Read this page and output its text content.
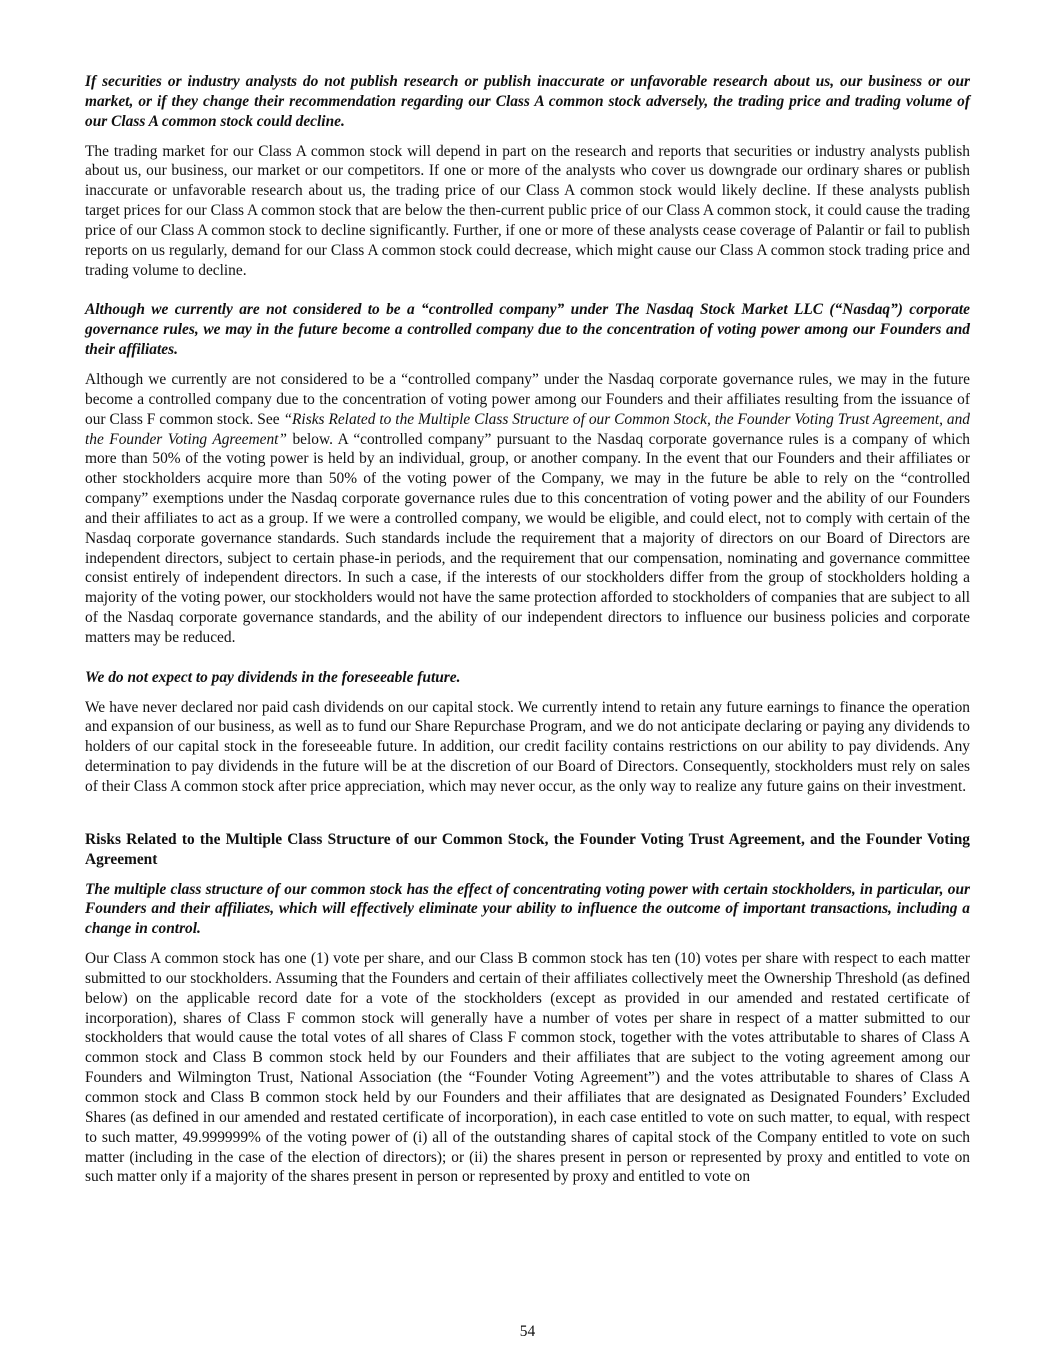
If securities or industry analysts do not publish research or publish inaccurate or unfavorable research about us, our business or our market, or if they change their recommendation regarding our Class A common stock adversely, the trading price and trading volume of our Class A common stock could decline.

The trading market for our Class A common stock will depend in part on the research and reports that securities or industry analysts publish about us, our business, our market or our competitors. If one or more of the analysts who cover us downgrade our ordinary shares or publish inaccurate or unfavorable research about us, the trading price of our Class A common stock would likely decline. If these analysts publish target prices for our Class A common stock that are below the then-current public price of our Class A common stock, it could cause the trading price of our Class A common stock to decline significantly. Further, if one or more of these analysts cease coverage of Palantir or fail to publish reports on us regularly, demand for our Class A common stock could decrease, which might cause our Class A common stock trading price and trading volume to decline.

Although we currently are not considered to be a “controlled company” under The Nasdaq Stock Market LLC (“Nasdaq”) corporate governance rules, we may in the future become a controlled company due to the concentration of voting power among our Founders and their affiliates.

Although we currently are not considered to be a “controlled company” under the Nasdaq corporate governance rules, we may in the future become a controlled company due to the concentration of voting power among our Founders and their affiliates resulting from the issuance of our Class F common stock. See “Risks Related to the Multiple Class Structure of our Common Stock, the Founder Voting Trust Agreement, and the Founder Voting Agreement” below. A “controlled company” pursuant to the Nasdaq corporate governance rules is a company of which more than 50% of the voting power is held by an individual, group, or another company. In the event that our Founders and their affiliates or other stockholders acquire more than 50% of the voting power of the Company, we may in the future be able to rely on the “controlled company” exemptions under the Nasdaq corporate governance rules due to this concentration of voting power and the ability of our Founders and their affiliates to act as a group. If we were a controlled company, we would be eligible, and could elect, not to comply with certain of the Nasdaq corporate governance standards. Such standards include the requirement that a majority of directors on our Board of Directors are independent directors, subject to certain phase-in periods, and the requirement that our compensation, nominating and governance committee consist entirely of independent directors. In such a case, if the interests of our stockholders differ from the group of stockholders holding a majority of the voting power, our stockholders would not have the same protection afforded to stockholders of companies that are subject to all of the Nasdaq corporate governance standards, and the ability of our independent directors to influence our business policies and corporate matters may be reduced.

We do not expect to pay dividends in the foreseeable future.

We have never declared nor paid cash dividends on our capital stock. We currently intend to retain any future earnings to finance the operation and expansion of our business, as well as to fund our Share Repurchase Program, and we do not anticipate declaring or paying any dividends to holders of our capital stock in the foreseeable future. In addition, our credit facility contains restrictions on our ability to pay dividends. Any determination to pay dividends in the future will be at the discretion of our Board of Directors. Consequently, stockholders must rely on sales of their Class A common stock after price appreciation, which may never occur, as the only way to realize any future gains on their investment.

Risks Related to the Multiple Class Structure of our Common Stock, the Founder Voting Trust Agreement, and the Founder Voting Agreement

The multiple class structure of our common stock has the effect of concentrating voting power with certain stockholders, in particular, our Founders and their affiliates, which will effectively eliminate your ability to influence the outcome of important transactions, including a change in control.

Our Class A common stock has one (1) vote per share, and our Class B common stock has ten (10) votes per share with respect to each matter submitted to our stockholders. Assuming that the Founders and certain of their affiliates collectively meet the Ownership Threshold (as defined below) on the applicable record date for a vote of the stockholders (except as provided in our amended and restated certificate of incorporation), shares of Class F common stock will generally have a number of votes per share in respect of a matter submitted to our stockholders that would cause the total votes of all shares of Class F common stock, together with the votes attributable to shares of Class A common stock and Class B common stock held by our Founders and their affiliates that are subject to the voting agreement among our Founders and Wilmington Trust, National Association (the “Founder Voting Agreement”) and the votes attributable to shares of Class A common stock and Class B common stock held by our Founders and their affiliates that are designated as Designated Founders’ Excluded Shares (as defined in our amended and restated certificate of incorporation), in each case entitled to vote on such matter, to equal, with respect to such matter, 49.999999% of the voting power of (i) all of the outstanding shares of capital stock of the Company entitled to vote on such matter (including in the case of the election of directors); or (ii) the shares present in person or represented by proxy and entitled to vote on such matter only if a majority of the shares present in person or represented by proxy and entitled to vote on

54
